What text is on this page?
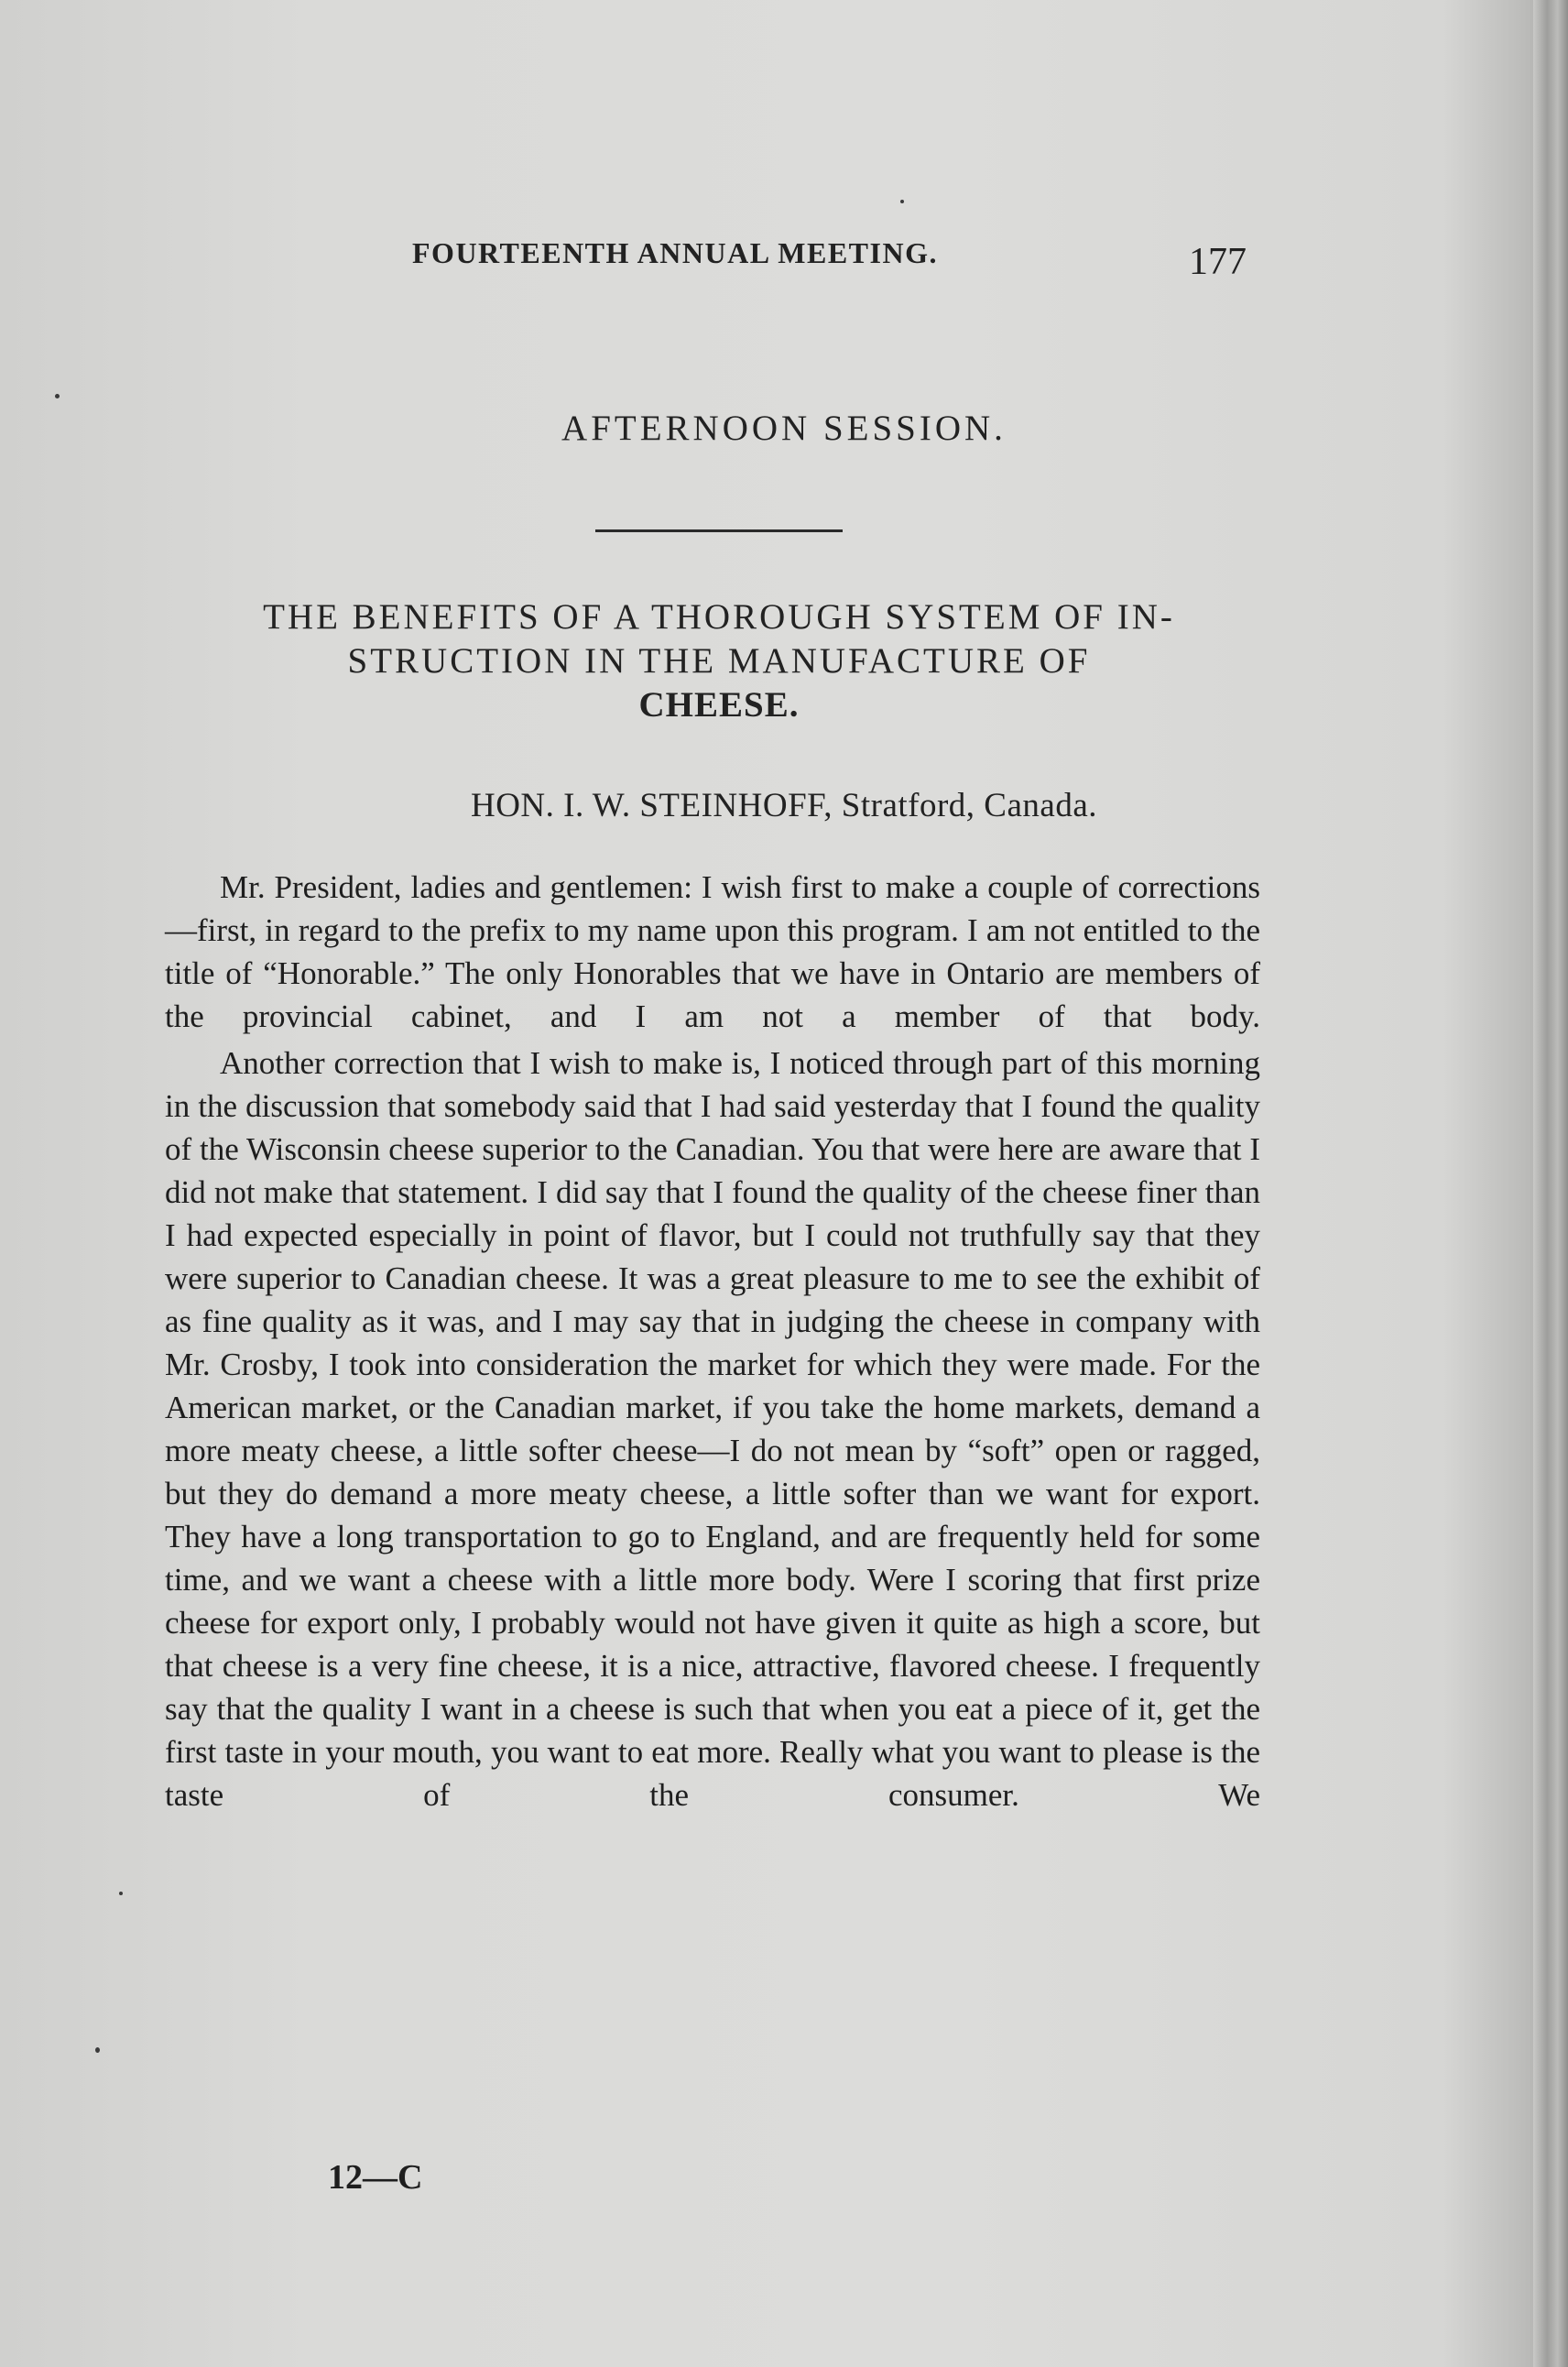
FOURTEENTH ANNUAL MEETING.	177
AFTERNOON SESSION.
THE BENEFITS OF A THOROUGH SYSTEM OF IN-
STRUCTION IN THE MANUFACTURE OF
CHEESE.
HON. I. W. STEINHOFF, Stratford, Canada.

Mr. President, ladies and gentlemen: I wish first to make a couple of corrections—first, in regard to the prefix to my name upon this program. I am not entitled to the title of “Honorable.” The only Honorables that we have in Ontario are members of the provincial cabinet, and I am not a member of that body.

Another correction that I wish to make is, I noticed through part of this morning in the discussion that somebody said that I had said yesterday that I found the quality of the Wisconsin cheese superior to the Canadian. You that were here are aware that I did not make that statement. I did say that I found the quality of the cheese finer than I had expected especially in point of flavor, but I could not truthfully say that they were superior to Canadian cheese. It was a great pleasure to me to see the exhibit of as fine quality as it was, and I may say that in judging the cheese in company with Mr. Crosby, I took into consideration the market for which they were made. For the American market, or the Canadian market, if you take the home markets, demand a more meaty cheese, a little softer cheese—I do not mean by “soft” open or ragged, but they do demand a more meaty cheese, a little softer than we want for export. They have a long transportation to go to England, and are frequently held for some time, and we want a cheese with a little more body. Were I scoring that first prize cheese for export only, I probably would not have given it quite as high a score, but that cheese is a very fine cheese, it is a nice, attractive, flavored cheese. I frequently say that the quality I want in a cheese is such that when you eat a piece of it, get the first taste in your mouth, you want to eat more. Really what you want to please is the taste of the consumer. We

12—C
